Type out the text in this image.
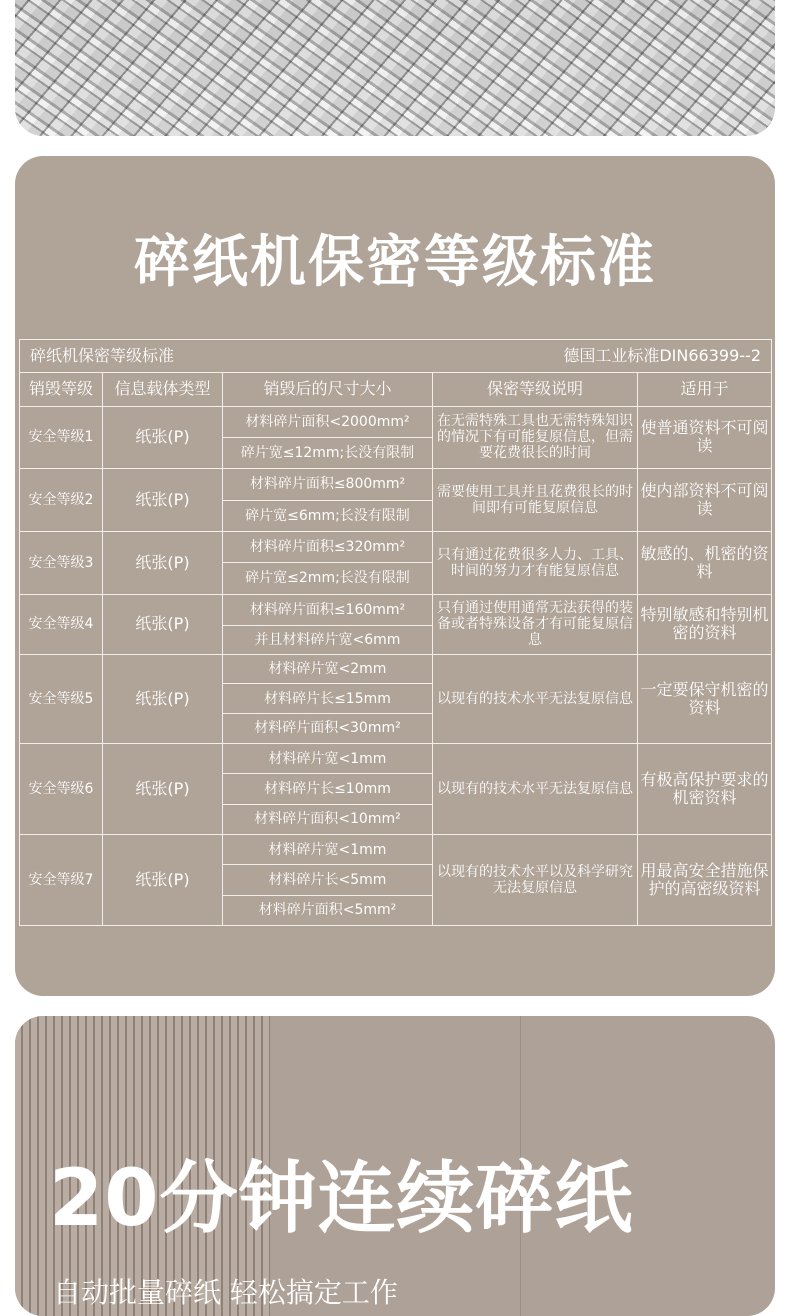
碎纸机保密等级标准
碎纸机保密等级标准 德国工业标准DIN66399--2				

销毁等级	信息载体类型	销毁后的尺寸大小	保密等级说明	适用于
安全等级1	纸张(P)	材料碎片面积<2000mm²	在无需特殊工具也无需特殊知识的情况下有可能复原信息，但需要花费很长的时间	使普通资料不可阅读
		碎片宽≤12mm;长没有限制		
安全等级2	纸张(P)	材料碎片面积≤800mm²	需要使用工具并且花费很长的时间即有可能复原信息	使内部资料不可阅读
		碎片宽≤6mm;长没有限制		
安全等级3	纸张(P)	材料碎片面积≤320mm²	只有通过花费很多人力、工具、时间的努力才有能复原信息	敏感的、机密的资料
		碎片宽≤2mm;长没有限制		
安全等级4	纸张(P)	材料碎片面积≤160mm²	只有通过使用通常无法获得的装备或者特殊设备才有可能复原信息	特别敏感和特别机密的资料
		并且材料碎片宽<6mm		
安全等级5	纸张(P)	材料碎片宽<2mm	以现有的技术水平无法复原信息	一定要保守机密的资料
		材料碎片长≤15mm		
		材料碎片面积<30mm²		
安全等级6	纸张(P)	材料碎片宽<1mm	以现有的技术水平无法复原信息	有极高保护要求的机密资料
		材料碎片长≤10mm		
		材料碎片面积<10mm²		
安全等级7	纸张(P)	材料碎片宽<1mm	以现有的技术水平以及科学研究无法复原信息	用最高安全措施保护的高密级资料
		材料碎片长<5mm		
		材料碎片面积<5mm²		
20分钟连续碎纸
自动批量碎纸 轻松搞定工作
